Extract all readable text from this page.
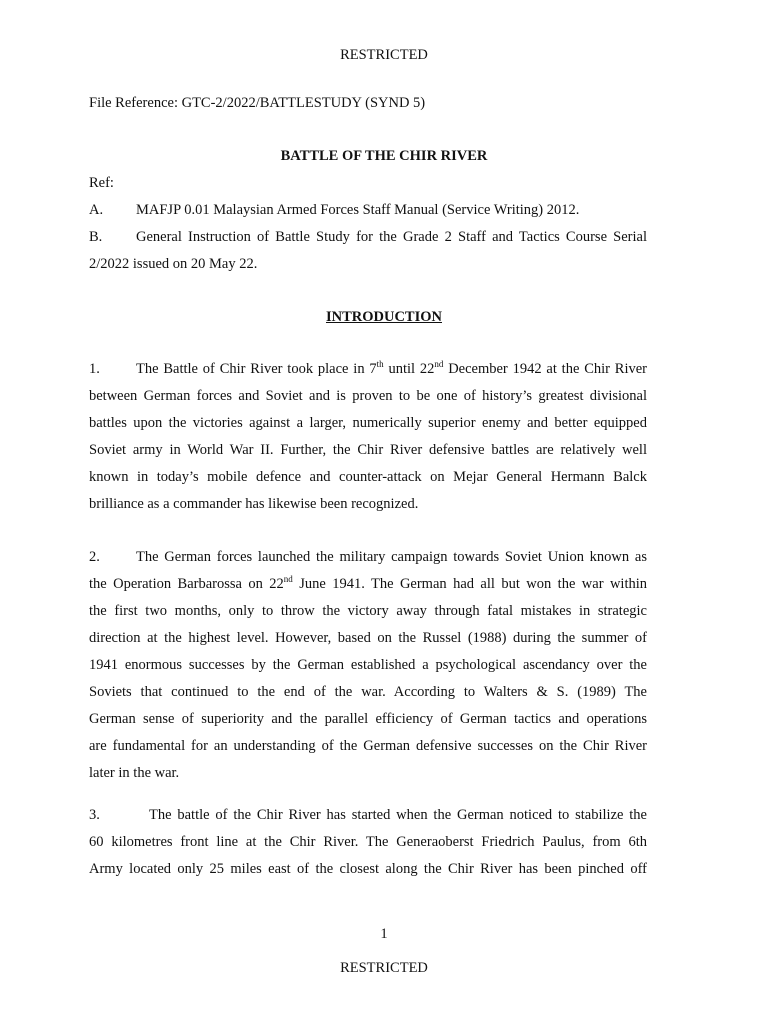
RESTRICTED
File Reference: GTC-2/2022/BATTLESTUDY (SYND 5)
BATTLE OF THE CHIR RIVER
Ref:
A. MAFJP 0.01 Malaysian Armed Forces Staff Manual (Service Writing) 2012.
B. General Instruction of Battle Study for the Grade 2 Staff and Tactics Course Serial
2/2022 issued on 20 May 22.
INTRODUCTION
1. The Battle of Chir River took place in 7th until 22nd December 1942 at the Chir River
between German forces and Soviet and is proven to be one of history’s greatest divisional
battles upon the victories against a larger, numerically superior enemy and better equipped
Soviet army in World War II. Further, the Chir River defensive battles are relatively well
known in today’s mobile defence and counter-attack on Mejar General Hermann Balck
brilliance as a commander has likewise been recognized.
2. The German forces launched the military campaign towards Soviet Union known as
the Operation Barbarossa on 22nd June 1941. The German had all but won the war within
the first two months, only to throw the victory away through fatal mistakes in strategic
direction at the highest level. However, based on the Russel (1988) during the summer of
1941 enormous successes by the German established a psychological ascendancy over the
Soviets that continued to the end of the war. According to Walters & S. (1989) The
German sense of superiority and the parallel efficiency of German tactics and operations
are fundamental for an understanding of the German defensive successes on the Chir River
later in the war.
3.	The battle of the Chir River has started when the German noticed to stabilize the
60 kilometres front line at the Chir River. The Generaoberst Friedrich Paulus, from 6th
Army located only 25 miles east of the closest along the Chir River has been pinched off
1
RESTRICTED
